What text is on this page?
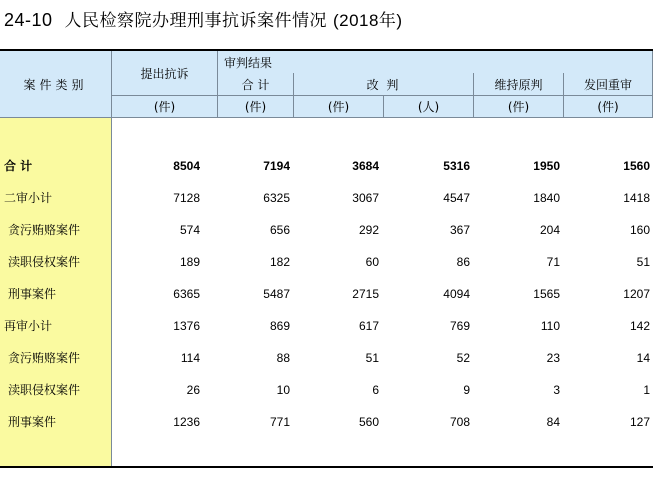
24-10 人民检察院办理刑事抗诉案件情况 (2018年)
案件类别
提出抗诉
审判结果
合 计	改 判	维持原判	发回重审
(件)	(件)	(件)	(人)	(件)	(件)
合 计	8504	7194	3684	5316	1950	1560
二审小计	7128	6325	3067	4547	1840	1418
贪污贿赂案件	574	656	292	367	204	160
渎职侵权案件	189	182	60	86	71	51
刑事案件	6365	5487	2715	4094	1565	1207
再审小计	1376	869	617	769	110	142
贪污贿赂案件	114	88	51	52	23	14
渎职侵权案件	26	10	6	9	3	1
刑事案件	1236	771	560	708	84	127
